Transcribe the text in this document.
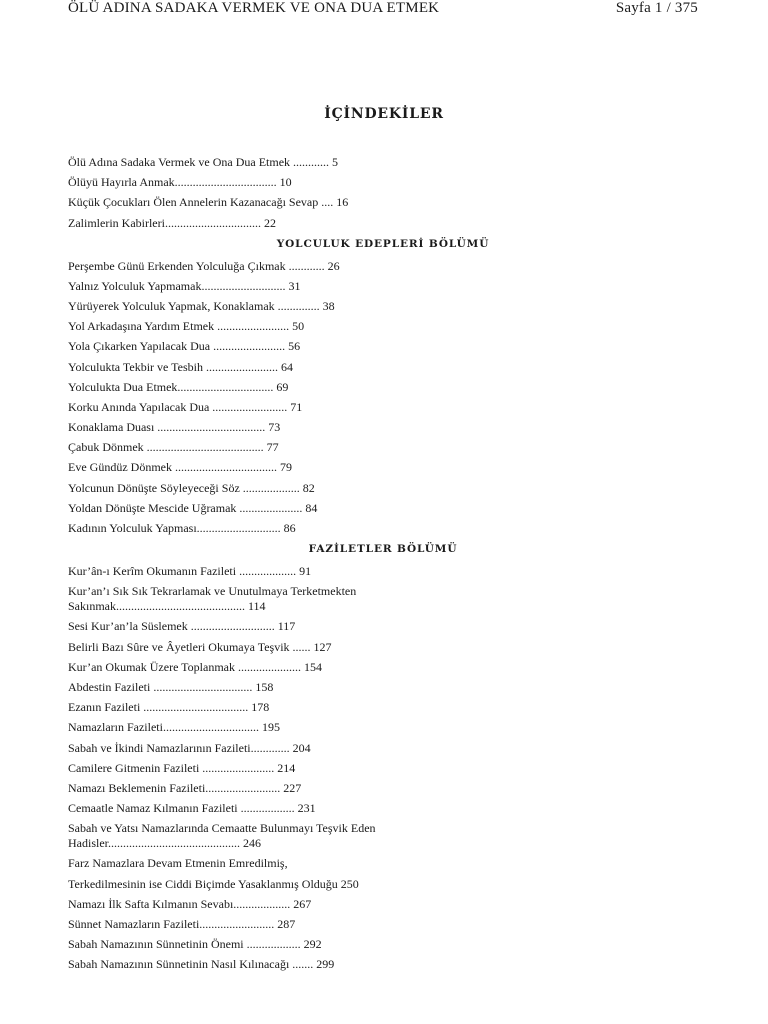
ÖLÜ ADINA SADAKA VERMEK VE ONA DUA ETMEK	Sayfa 1 / 375
İÇİNDEKİLER
Ölü Adına Sadaka Vermek ve Ona Dua Etmek ............ 5
Ölüyü Hayırla Anmak.................................. 10
Küçük Çocukları Ölen Annelerin Kazanacağı Sevap .... 16
Zalimlerin Kabirleri................................ 22
YOLCULUK EDEPLERİ BÖLÜMÜ
Perşembe Günü Erkenden Yolculuğa Çıkmak ............ 26
Yalnız Yolculuk Yapmamak............................ 31
Yürüyerek Yolculuk Yapmak, Konaklamak .............. 38
Yol Arkadaşına Yardım Etmek ........................ 50
Yola Çıkarken Yapılacak Dua ........................ 56
Yolculukta Tekbir ve Tesbih ........................ 64
Yolculukta Dua Etmek................................ 69
Korku Anında Yapılacak Dua ......................... 71
Konaklama Duası .................................... 73
Çabuk Dönmek ....................................... 77
Eve Gündüz Dönmek .................................. 79
Yolcunun Dönüşte Söyleyeceği Söz ................... 82
Yoldan Dönüşte Mescide Uğramak ..................... 84
Kadının Yolculuk Yapması............................ 86
FAZİLETLER BÖLÜMÜ
Kur’ân-ı Kerîm Okumanın Fazileti ................... 91
Kur’an’ı Sık Sık Tekrarlamak ve Unutulmaya Terketmekten Sakınmak........................................... 114
Sesi Kur’an’la Süslemek ............................ 117
Belirli Bazı Sûre ve Âyetleri Okumaya Teşvik ...... 127
Kur’an Okumak Üzere Toplanmak ..................... 154
Abdestin Fazileti ................................. 158
Ezanın Fazileti ................................... 178
Namazların Fazileti................................ 195
Sabah ve İkindi Namazlarının Fazileti............. 204
Camilere Gitmenin Fazileti ........................ 214
Namazı Beklemenin Fazileti......................... 227
Cemaatle Namaz Kılmanın Fazileti .................. 231
Sabah ve Yatsı Namazlarında Cemaatte Bulunmayı Teşvik Eden Hadisler............................................ 246
Farz Namazlara Devam Etmenin Emredilmiş,
Terkedilmesinin ise Ciddi Biçimde Yasaklanmış Olduğu 250
Namazı İlk Safta Kılmanın Sevabı................... 267
Sünnet Namazların Fazileti......................... 287
Sabah Namazının Sünnetinin Önemi .................. 292
Sabah Namazının Sünnetinin Nasıl Kılınacağı ....... 299
